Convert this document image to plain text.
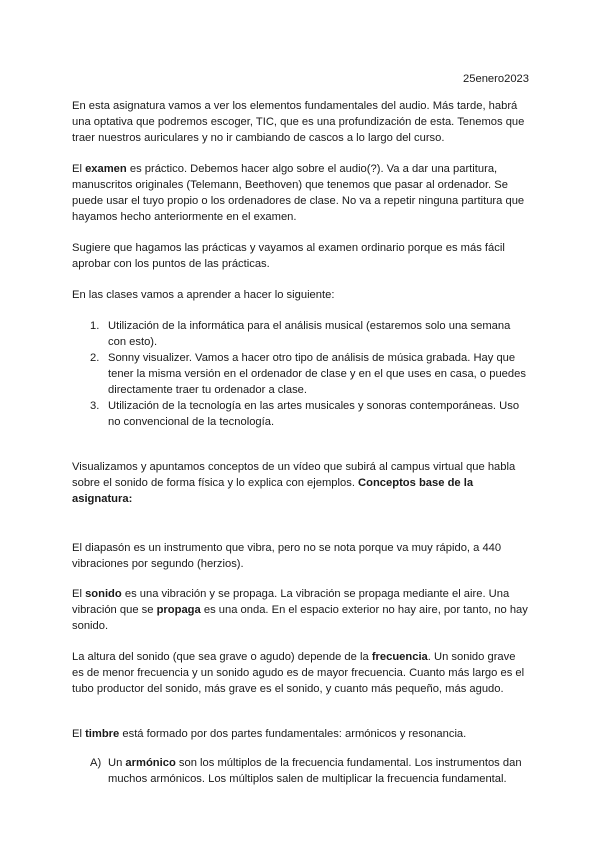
25enero2023

En esta asignatura vamos a ver los elementos fundamentales del audio. Más tarde, habrá una optativa que podremos escoger, TIC, que es una profundización de esta. Tenemos que traer nuestros auriculares y no ir cambiando de cascos a lo largo del curso.

El examen es práctico. Debemos hacer algo sobre el audio(?). Va a dar una partitura, manuscritos originales (Telemann, Beethoven) que tenemos que pasar al ordenador. Se puede usar el tuyo propio o los ordenadores de clase. No va a repetir ninguna partitura que hayamos hecho anteriormente en el examen.

Sugiere que hagamos las prácticas y vayamos al examen ordinario porque es más fácil aprobar con los puntos de las prácticas.

En las clases vamos a aprender a hacer lo siguiente:

1. Utilización de la informática para el análisis musical (estaremos solo una semana con esto).
2. Sonny visualizer. Vamos a hacer otro tipo de análisis de música grabada. Hay que tener la misma versión en el ordenador de clase y en el que uses en casa, o puedes directamente traer tu ordenador a clase.
3. Utilización de la tecnología en las artes musicales y sonoras contemporáneas. Uso no convencional de la tecnología.

Visualizamos y apuntamos conceptos de un vídeo que subirá al campus virtual que habla sobre el sonido de forma física y lo explica con ejemplos. Conceptos base de la asignatura:

El diapasón es un instrumento que vibra, pero no se nota porque va muy rápido, a 440 vibraciones por segundo (herzios).

El sonido es una vibración y se propaga. La vibración se propaga mediante el aire. Una vibración que se propaga es una onda. En el espacio exterior no hay aire, por tanto, no hay sonido.

La altura del sonido (que sea grave o agudo) depende de la frecuencia. Un sonido grave es de menor frecuencia y un sonido agudo es de mayor frecuencia. Cuanto más largo es el tubo productor del sonido, más grave es el sonido, y cuanto más pequeño, más agudo.

El timbre está formado por dos partes fundamentales: armónicos y resonancia.

A) Un armónico son los múltiplos de la frecuencia fundamental. Los instrumentos dan muchos armónicos. Los múltiplos salen de multiplicar la frecuencia fundamental.
